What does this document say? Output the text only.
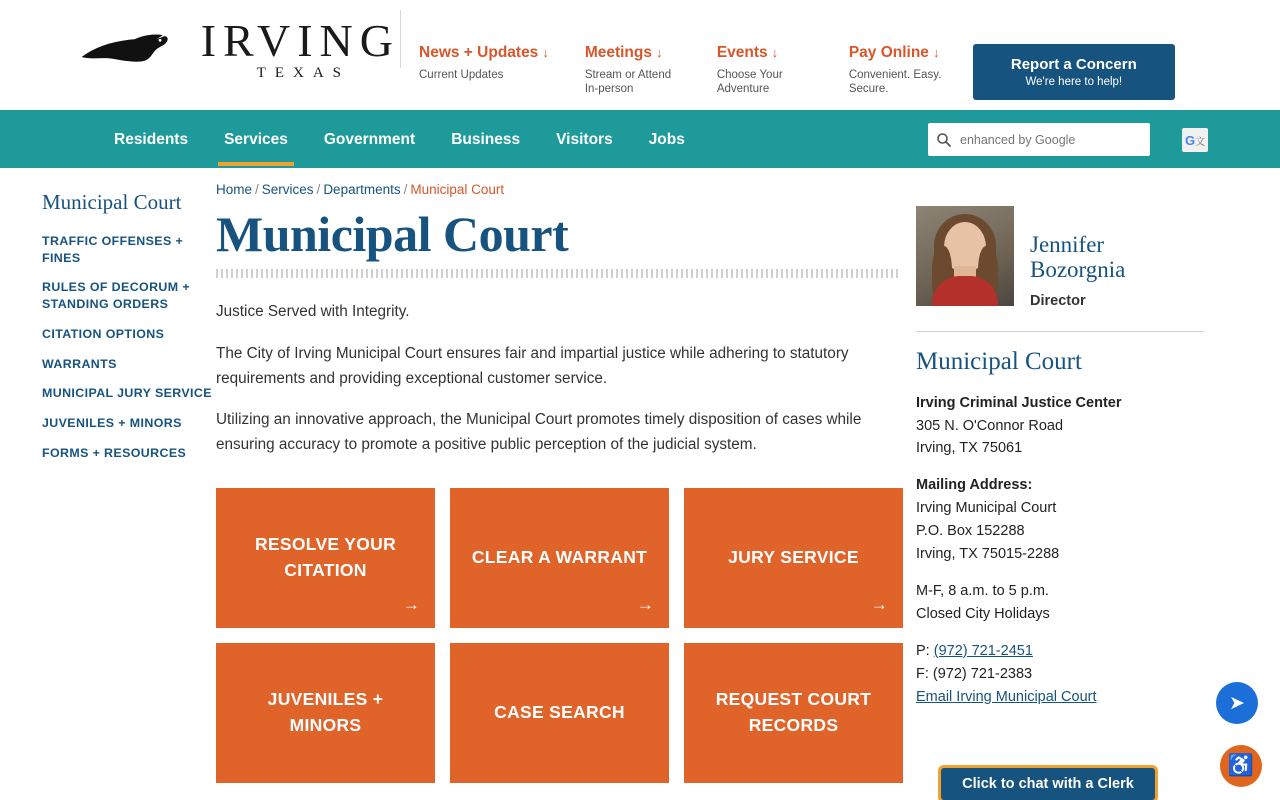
IRVING
TEXAS
News + Updates ↓
Current Updates
Meetings ↓
Stream or Attend In-person
Events ↓
Choose Your Adventure
Pay Online ↓
Convenient. Easy. Secure.
Report a Concern
We're here to help!
Residents	Services	Government	Business	Visitors	Jobs
enhanced by Google	G 文
Municipal Court
TRAFFIC OFFENSES + FINES
RULES OF DECORUM + STANDING ORDERS
CITATION OPTIONS
WARRANTS
MUNICIPAL JURY SERVICE
JUVENILES + MINORS
FORMS + RESOURCES
Home / Services / Departments / Municipal Court
Municipal Court

Justice Served with Integrity.

The City of Irving Municipal Court ensures fair and impartial justice while adhering to statutory requirements and providing exceptional customer service.

Utilizing an innovative approach, the Municipal Court promotes timely disposition of cases while ensuring accuracy to promote a positive public perception of the judicial system.

RESOLVE YOUR CITATION
→
CLEAR A WARRANT
→
JURY SERVICE
→
JUVENILES + MINORS
CASE SEARCH
REQUEST COURT RECORDS
Jennifer Bozorgnia
Director
Municipal Court

Irving Criminal Justice Center
305 N. O'Connor Road
Irving, TX 75061

Mailing Address:
Irving Municipal Court
P.O. Box 152288
Irving, TX 75015-2288

M-F, 8 a.m. to 5 p.m.
Closed City Holidays

P: (972) 721-2451
F: (972) 721-2383
Email Irving Municipal Court	➤
♿
Click to chat with a Clerk
